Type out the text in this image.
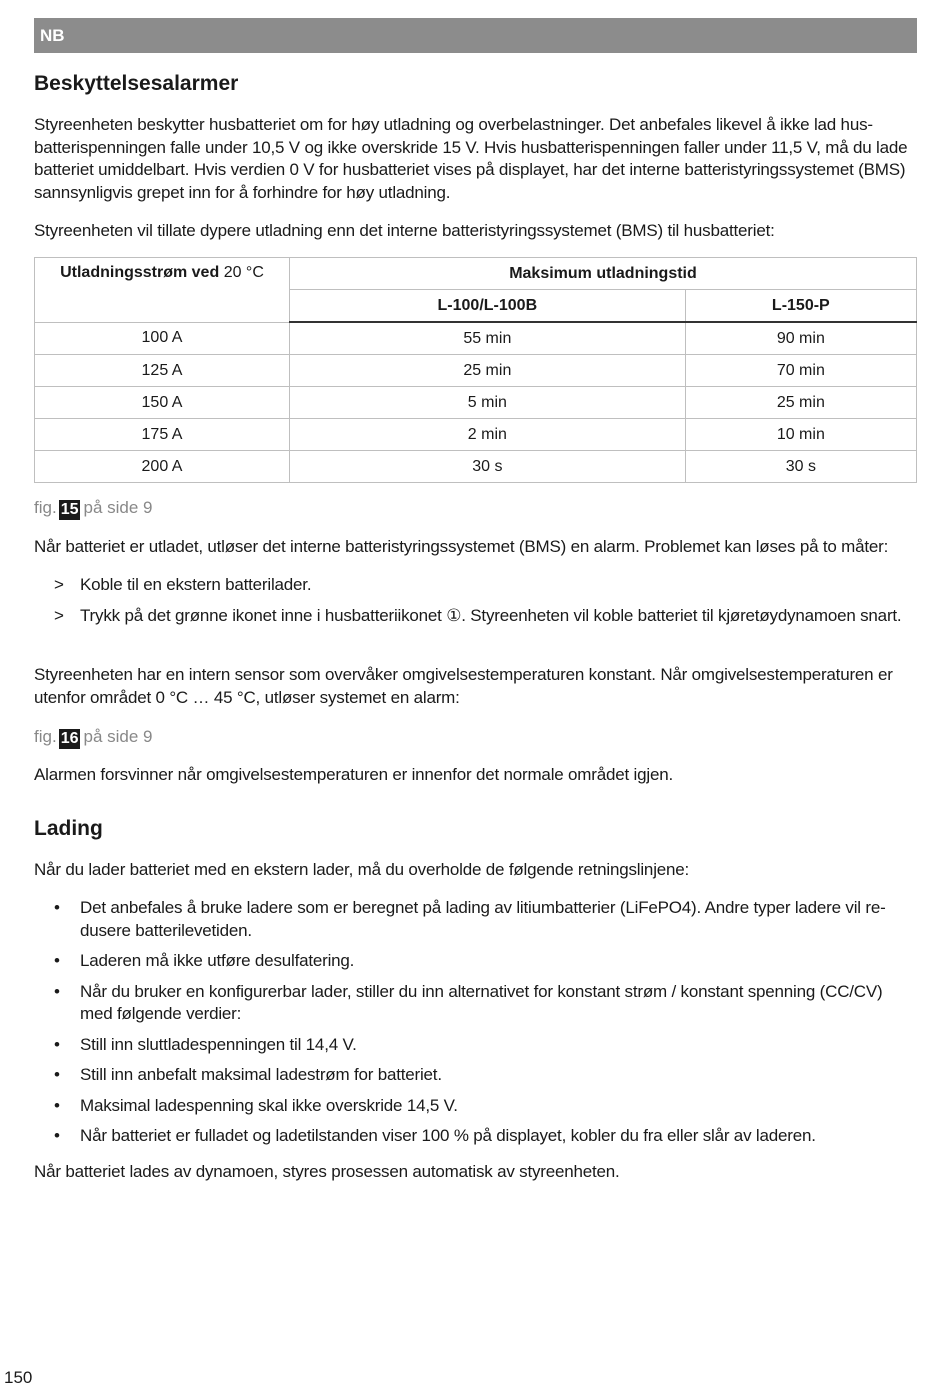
NB
Beskyttelsesalarmer

Styreenheten beskytter husbatteriet om for høy utladning og overbelastninger. Det anbefales likevel å ikke lad husbatterispenningen falle under 10,5 V og ikke overskride 15 V. Hvis husbatterispenningen faller under 11,5 V, må du lade batteriet umiddelbart. Hvis verdien 0 V for husbatteriet vises på displayet, har det interne batteristyringssystemet (BMS) sannsynligvis grepet inn for å forhindre for høy utladning.

Styreenheten vil tillate dypere utladning enn det interne batteristyringssystemet (BMS) til husbatteriet:

Utladningsstrøm ved 20 °C	Maksimum utladningstid	
	L-100/L-100B	L-150-P
100 A	55 min	90 min
125 A	25 min	70 min
150 A	5 min	25 min
175 A	2 min	10 min
200 A	30 s	30 s

fig. 15 på side 9

Når batteriet er utladet, utløser det interne batteristyringssystemet (BMS) en alarm. Problemet kan løses på to måter:

> Koble til en ekstern batterilader.
> Trykk på det grønne ikonet inne i husbatteriikonet ①. Styreenheten vil koble batteriet til kjøretøydynamoen snart.

Styreenheten har en intern sensor som overvåker omgivelsestemperaturen konstant. Når omgivelsestemperaturen er utenfor området 0 °C … 45 °C, utløser systemet en alarm:

fig. 16 på side 9

Alarmen forsvinner når omgivelsestemperaturen er innenfor det normale området igjen.

Lading

Når du lader batteriet med en ekstern lader, må du overholde de følgende retningslinjene:

• Det anbefales å bruke ladere som er beregnet på lading av litiumbatterier (LiFePO4). Andre typer ladere vil redusere batterilevetiden.
• Laderen må ikke utføre desulfatering.
• Når du bruker en konfigurerbar lader, stiller du inn alternativet for konstant strøm / konstant spenning (CC/CV) med følgende verdier:
• Still inn sluttladespenningen til 14,4 V.
• Still inn anbefalt maksimal ladestrøm for batteriet.
• Maksimal ladespenning skal ikke overskride 14,5 V.
• Når batteriet er fulladet og ladetilstanden viser 100 % på displayet, kobler du fra eller slår av laderen.

Når batteriet lades av dynamoen, styres prosessen automatisk av styreenheten.

150
